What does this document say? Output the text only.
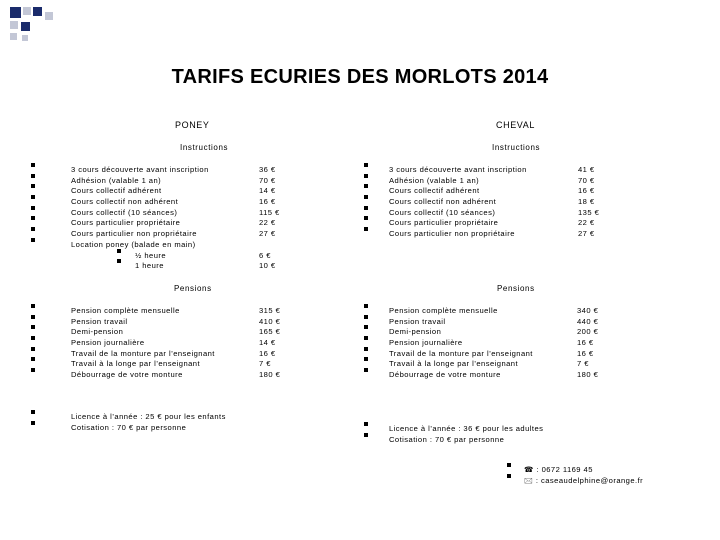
TARIFS ECURIES DES MORLOTS 2014
PONEY	CHEVAL
Instructions	Instructions
3 cours découverte avant inscription	36 €
Adhésion (valable 1 an)	70 €
Cours collectif adhérent	14 €
Cours collectif non adhérent	16 €
Cours collectif (10 séances)	115 €
Cours particulier propriétaire	22 €
Cours particulier non propriétaire	27 €
Location poney (balade en main)
½ heure	6 €
1 heure	10 €
3 cours découverte avant inscription	41 €
Adhésion (valable 1 an)	70 €
Cours collectif adhérent	16 €
Cours collectif non adhérent	18 €
Cours collectif (10 séances)	135 €
Cours particulier propriétaire	22 €
Cours particulier non propriétaire	27 €
Pensions	Pensions
Pension complète mensuelle	315 €
Pension travail	410 €
Demi-pension	165 €
Pension journalière	14 €
Travail de la monture par l’enseignant	16 €
Travail à la longe par l’enseignant	7 €
Débourrage de votre monture	180 €
Pension complète mensuelle	340 €
Pension travail	440 €
Demi-pension	200 €
Pension journalière	16 €
Travail de la monture par l’enseignant	16 €
Travail à la longe par l’enseignant	7 €
Débourrage de votre monture	180 €
Licence à l’année : 25 € pour les enfants
Cotisation : 70 € par personne	Licence à l’année : 36 € pour les adultes
Cotisation : 70 € par personne
☎ : 0672 1169 45
🖂 : caseaudelphine@orange.fr
